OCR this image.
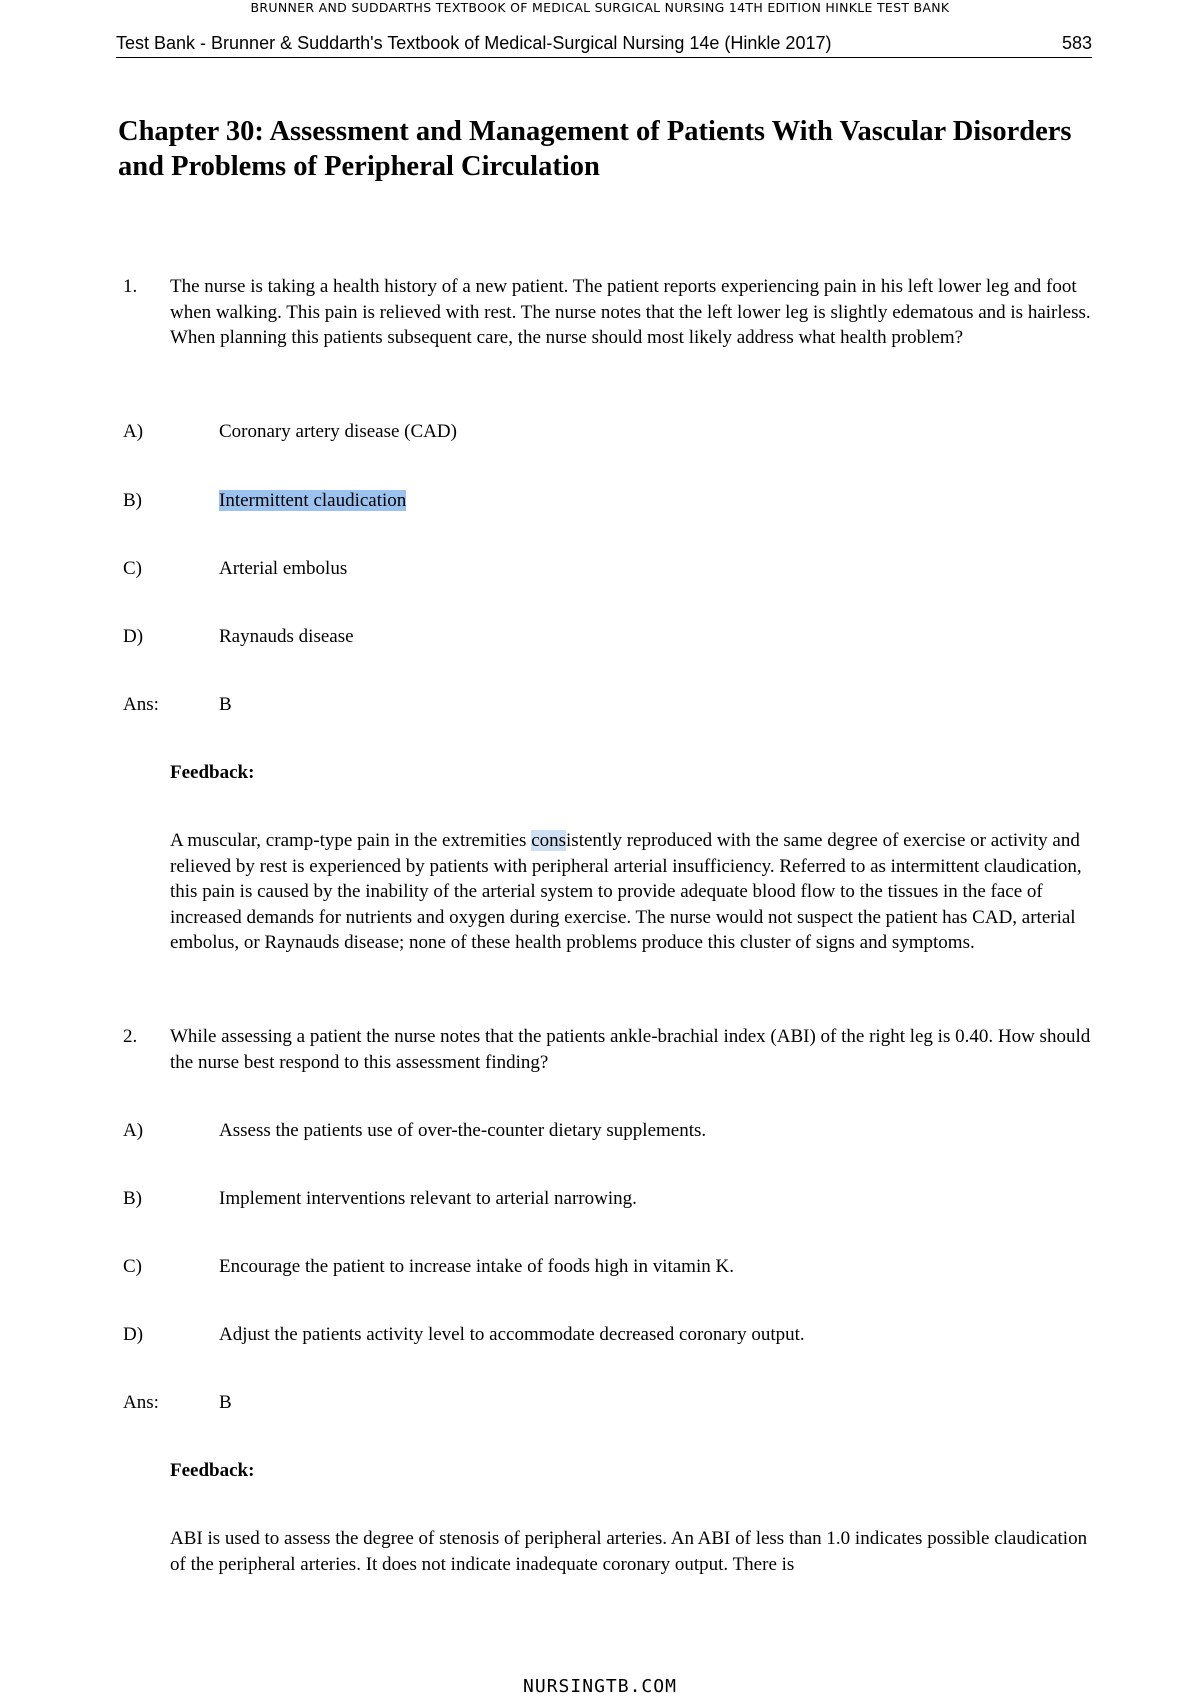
BRUNNER AND SUDDARTHS TEXTBOOK OF MEDICAL SURGICAL NURSING 14TH EDITION HINKLE TEST BANK
Test Bank - Brunner & Suddarth's Textbook of Medical-Surgical Nursing 14e (Hinkle 2017)	583
Chapter 30: Assessment and Management of Patients With Vascular Disorders and Problems of Peripheral Circulation
1. The nurse is taking a health history of a new patient. The patient reports experiencing pain in his left lower leg and foot when walking. This pain is relieved with rest. The nurse notes that the left lower leg is slightly edematous and is hairless. When planning this patients subsequent care, the nurse should most likely address what health problem?
A)	Coronary artery disease (CAD)
B)	Intermittent claudication
C)	Arterial embolus
D)	Raynauds disease
Ans:	B
Feedback:
A muscular, cramp-type pain in the extremities consistently reproduced with the same degree of exercise or activity and relieved by rest is experienced by patients with peripheral arterial insufficiency. Referred to as intermittent claudication, this pain is caused by the inability of the arterial system to provide adequate blood flow to the tissues in the face of increased demands for nutrients and oxygen during exercise. The nurse would not suspect the patient has CAD, arterial embolus, or Raynauds disease; none of these health problems produce this cluster of signs and symptoms.
2. While assessing a patient the nurse notes that the patients ankle-brachial index (ABI) of the right leg is 0.40. How should the nurse best respond to this assessment finding?
A)	Assess the patients use of over-the-counter dietary supplements.
B)	Implement interventions relevant to arterial narrowing.
C)	Encourage the patient to increase intake of foods high in vitamin K.
D)	Adjust the patients activity level to accommodate decreased coronary output.
Ans:	B
Feedback:
ABI is used to assess the degree of stenosis of peripheral arteries. An ABI of less than 1.0 indicates possible claudication of the peripheral arteries. It does not indicate inadequate coronary output. There is
NURSINGTB.COM
